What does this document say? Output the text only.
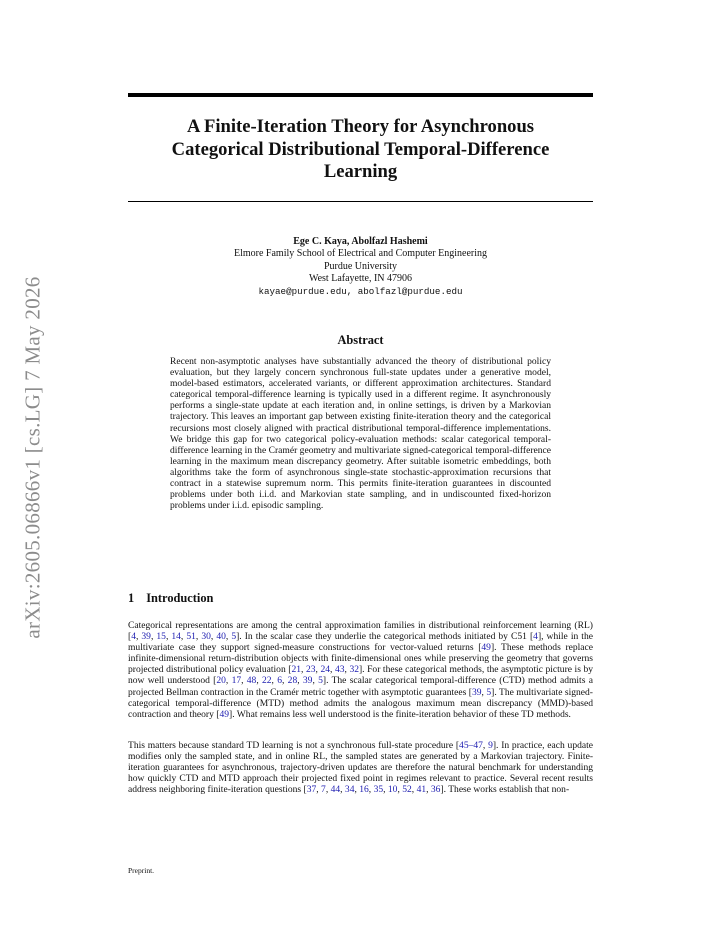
arXiv:2605.06866v1 [cs.LG] 7 May 2026
A Finite-Iteration Theory for Asynchronous
Categorical Distributional Temporal-Difference
Learning
Ege C. Kaya, Abolfazl Hashemi
Elmore Family School of Electrical and Computer Engineering
Purdue University
West Lafayette, IN 47906
kayae@purdue.edu, abolfazl@purdue.edu
Abstract

Recent non-asymptotic analyses have substantially advanced the theory of distributional policy evaluation, but they largely concern synchronous full-state updates under a generative model, model-based estimators, accelerated variants, or different approximation architectures. Standard categorical temporal-difference learning is typically used in a different regime. It asynchronously performs a single-state update at each iteration and, in online settings, is driven by a Markovian trajectory. This leaves an important gap between existing finite-iteration theory and the categorical recursions most closely aligned with practical distributional temporal-difference implementations. We bridge this gap for two categorical policy-evaluation methods: scalar categorical temporal-difference learning in the Cramér geometry and multivariate signed-categorical temporal-difference learning in the maximum mean discrepancy geometry. After suitable isometric embeddings, both algorithms take the form of asynchronous single-state stochastic-approximation recursions that contract in a statewise supremum norm. This permits finite-iteration guarantees in discounted problems under both i.i.d. and Markovian state sampling, and in undiscounted fixed-horizon problems under i.i.d. episodic sampling.

1 Introduction

Categorical representations are among the central approximation families in distributional reinforcement learning (RL) [4, 39, 15, 14, 51, 30, 40, 5]. In the scalar case they underlie the categorical methods initiated by C51 [4], while in the multivariate case they support signed-measure constructions for vector-valued returns [49]. These methods replace infinite-dimensional return-distribution objects with finite-dimensional ones while preserving the geometry that governs projected distributional policy evaluation [21, 23, 24, 43, 32]. For these categorical methods, the asymptotic picture is by now well understood [20, 17, 48, 22, 6, 28, 39, 5]. The scalar categorical temporal-difference (CTD) method admits a projected Bellman contraction in the Cramér metric together with asymptotic guarantees [39, 5]. The multivariate signed-categorical temporal-difference (MTD) method admits the analogous maximum mean discrepancy (MMD)-based contraction and theory [49]. What remains less well understood is the finite-iteration behavior of these TD methods.

This matters because standard TD learning is not a synchronous full-state procedure [45–47, 9]. In practice, each update modifies only the sampled state, and in online RL, the sampled states are generated by a Markovian trajectory. Finite-iteration guarantees for asynchronous, trajectory-driven updates are therefore the natural benchmark for understanding how quickly CTD and MTD approach their projected fixed point in regimes relevant to practice. Several recent results address neighboring finite-iteration questions [37, 7, 44, 34, 16, 35, 10, 52, 41, 36]. These works establish that non-

Preprint.
